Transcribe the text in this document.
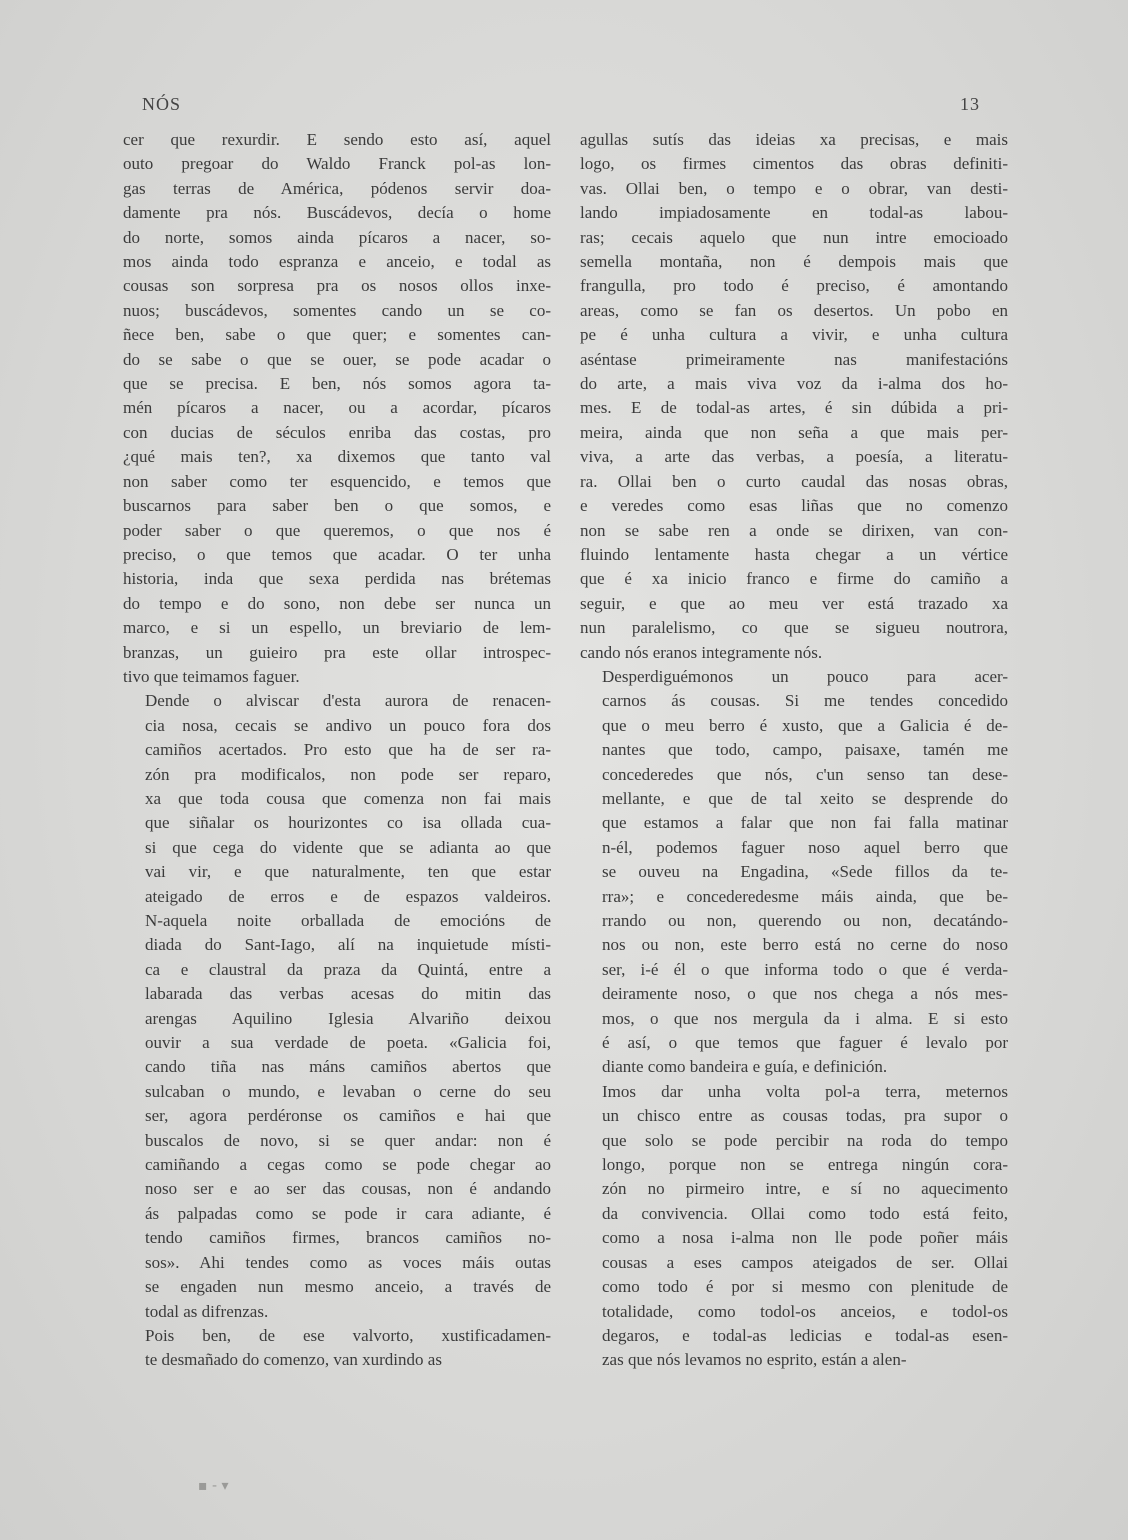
NÓS	13

cer que rexurdir. E sendo esto así, aquel
outo pregoar do Waldo Franck pol-as lon-
gas terras de América, pódenos servir doa-
damente pra nós. Buscádevos, decía o home
do norte, somos ainda pícaros a nacer, so-
mos ainda todo espranza e anceio, e todal as
cousas son sorpresa pra os nosos ollos inxe-
nuos; buscádevos, somentes cando un se co-
ñece ben, sabe o que quer; e somentes can-
do se sabe o que se ouer, se pode acadar o
que se precisa. E ben, nós somos agora ta-
mén pícaros a nacer, ou a acordar, pícaros
con ducias de séculos enriba das costas, pro
¿qué mais ten?, xa dixemos que tanto val
non saber como ter esquencido, e temos que
buscarnos para saber ben o que somos, e
poder saber o que queremos, o que nos é
preciso, o que temos que acadar. O ter unha
historia, inda que sexa perdida nas brétemas
do tempo e do sono, non debe ser nunca un
marco, e si un espello, un breviario de lem-
branzas, un guieiro pra este ollar introspec-
tivo que teimamos faguer.

Dende o alviscar d'esta aurora de renacen-
cia nosa, cecais se andivo un pouco fora dos
camiños acertados. Pro esto que ha de ser ra-
zón pra modificalos, non pode ser reparo,
xa que toda cousa que comenza non fai mais
que siñalar os hourizontes co isa ollada cua-
si que cega do vidente que se adianta ao que
vai vir, e que naturalmente, ten que estar
ateigado de erros e de espazos valdeiros.
N-aquela noite orballada de emocións de
diada do Sant-Iago, alí na inquietude místi-
ca e claustral da praza da Quintá, entre a
labarada das verbas acesas do mitin das
arengas Aquilino Iglesia Alvariño deixou
ouvir a sua verdade de poeta. «Galicia foi,
cando tiña nas máns camiños abertos que
sulcaban o mundo, e levaban o cerne do seu
ser, agora perdéronse os camiños e hai que
buscalos de novo, si se quer andar: non é
camiñando a cegas como se pode chegar ao
noso ser e ao ser das cousas, non é andando
ás palpadas como se pode ir cara adiante, é
tendo camiños firmes, brancos camiños no-
sos». Ahi tendes como as voces máis outas
se engaden nun mesmo anceio, a través de
todal as difrenzas.

Pois ben, de ese valvorto, xustificadamen-
te desmañado do comenzo, van xurdindo as

agullas sutís das ideias xa precisas, e mais
logo, os firmes cimentos das obras definiti-
vas. Ollai ben, o tempo e o obrar, van desti-
lando impiadosamente en todal-as labou-
ras; cecais aquelo que nun intre emocioado
semella montaña, non é dempois mais que
frangulla, pro todo é preciso, é amontando
areas, como se fan os desertos. Un pobo en
pe é unha cultura a vivir, e unha cultura
aséntase primeiramente nas manifestacións
do arte, a mais viva voz da i-alma dos ho-
mes. E de todal-as artes, é sin dúbida a pri-
meira, ainda que non seña a que mais per-
viva, a arte das verbas, a poesía, a literatu-
ra. Ollai ben o curto caudal das nosas obras,
e veredes como esas liñas que no comenzo
non se sabe ren a onde se dirixen, van con-
fluindo lentamente hasta chegar a un vértice
que é xa inicio franco e firme do camiño a
seguir, e que ao meu ver está trazado xa
nun paralelismo, co que se sigueu noutrora,
cando nós eranos integramente nós.

Desperdiguémonos un pouco para acer-
carnos ás cousas. Si me tendes concedido
que o meu berro é xusto, que a Galicia é de-
nantes que todo, campo, paisaxe, tamén me
concederedes que nós, c'un senso tan dese-
mellante, e que de tal xeito se desprende do
que estamos a falar que non fai falla matinar
n-él, podemos faguer noso aquel berro que
se ouveu na Engadina, «Sede fillos da te-
rra»; e concederedesme máis ainda, que be-
rrando ou non, querendo ou non, decatándo-
nos ou non, este berro está no cerne do noso
ser, i-é él o que informa todo o que é verda-
deiramente noso, o que nos chega a nós mes-
mos, o que nos mergula da i alma. E si esto
é así, o que temos que faguer é levalo por
diante como bandeira e guía, e definición.

Imos dar unha volta pol-a terra, meternos
un chisco entre as cousas todas, pra supor o
que solo se pode percibir na roda do tempo
longo, porque non se entrega ningún cora-
zón no pirmeiro intre, e sí no aquecimento
da convivencia. Ollai como todo está feito,
como a nosa i-alma non lle pode poñer máis
cousas a eses campos ateigados de ser. Ollai
como todo é por si mesmo con plenitude de
totalidade, como todol-os anceios, e todol-os
degaros, e todal-as ledicias e todal-as esen-
zas que nós levamos no esprito, están a alen-

▪ - ▾
